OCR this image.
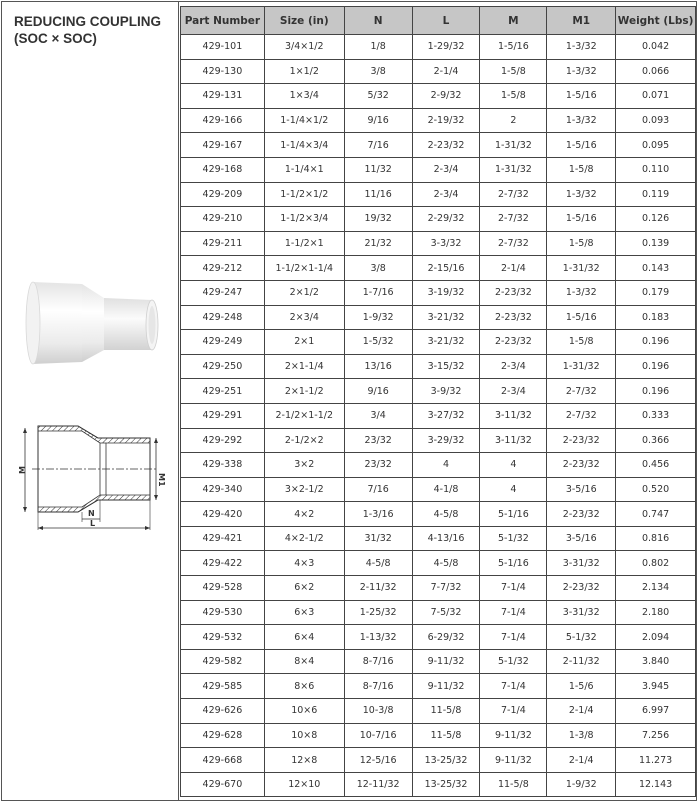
REDUCING COUPLING
(SOC × SOC)
M
M1
N
L
Part Number	Size (in)	N	L	M	M1	Weight (Lbs)
429-101	3/4×1/2	1/8	1-29/32	1-5/16	1-3/32	0.042
429-130	1×1/2	3/8	2-1/4	1-5/8	1-3/32	0.066
429-131	1×3/4	5/32	2-9/32	1-5/8	1-5/16	0.071
429-166	1-1/4×1/2	9/16	2-19/32	2	1-3/32	0.093
429-167	1-1/4×3/4	7/16	2-23/32	1-31/32	1-5/16	0.095
429-168	1-1/4×1	11/32	2-3/4	1-31/32	1-5/8	0.110
429-209	1-1/2×1/2	11/16	2-3/4	2-7/32	1-3/32	0.119
429-210	1-1/2×3/4	19/32	2-29/32	2-7/32	1-5/16	0.126
429-211	1-1/2×1	21/32	3-3/32	2-7/32	1-5/8	0.139
429-212	1-1/2×1-1/4	3/8	2-15/16	2-1/4	1-31/32	0.143
429-247	2×1/2	1-7/16	3-19/32	2-23/32	1-3/32	0.179
429-248	2×3/4	1-9/32	3-21/32	2-23/32	1-5/16	0.183
429-249	2×1	1-5/32	3-21/32	2-23/32	1-5/8	0.196
429-250	2×1-1/4	13/16	3-15/32	2-3/4	1-31/32	0.196
429-251	2×1-1/2	9/16	3-9/32	2-3/4	2-7/32	0.196
429-291	2-1/2×1-1/2	3/4	3-27/32	3-11/32	2-7/32	0.333
429-292	2-1/2×2	23/32	3-29/32	3-11/32	2-23/32	0.366
429-338	3×2	23/32	4	4	2-23/32	0.456
429-340	3×2-1/2	7/16	4-1/8	4	3-5/16	0.520
429-420	4×2	1-3/16	4-5/8	5-1/16	2-23/32	0.747
429-421	4×2-1/2	31/32	4-13/16	5-1/32	3-5/16	0.816
429-422	4×3	4-5/8	4-5/8	5-1/16	3-31/32	0.802
429-528	6×2	2-11/32	7-7/32	7-1/4	2-23/32	2.134
429-530	6×3	1-25/32	7-5/32	7-1/4	3-31/32	2.180
429-532	6×4	1-13/32	6-29/32	7-1/4	5-1/32	2.094
429-582	8×4	8-7/16	9-11/32	5-1/32	2-11/32	3.840
429-585	8×6	8-7/16	9-11/32	7-1/4	1-5/6	3.945
429-626	10×6	10-3/8	11-5/8	7-1/4	2-1/4	6.997
429-628	10×8	10-7/16	11-5/8	9-11/32	1-3/8	7.256
429-668	12×8	12-5/16	13-25/32	9-11/32	2-1/4	11.273
429-670	12×10	12-11/32	13-25/32	11-5/8	1-9/32	12.143
